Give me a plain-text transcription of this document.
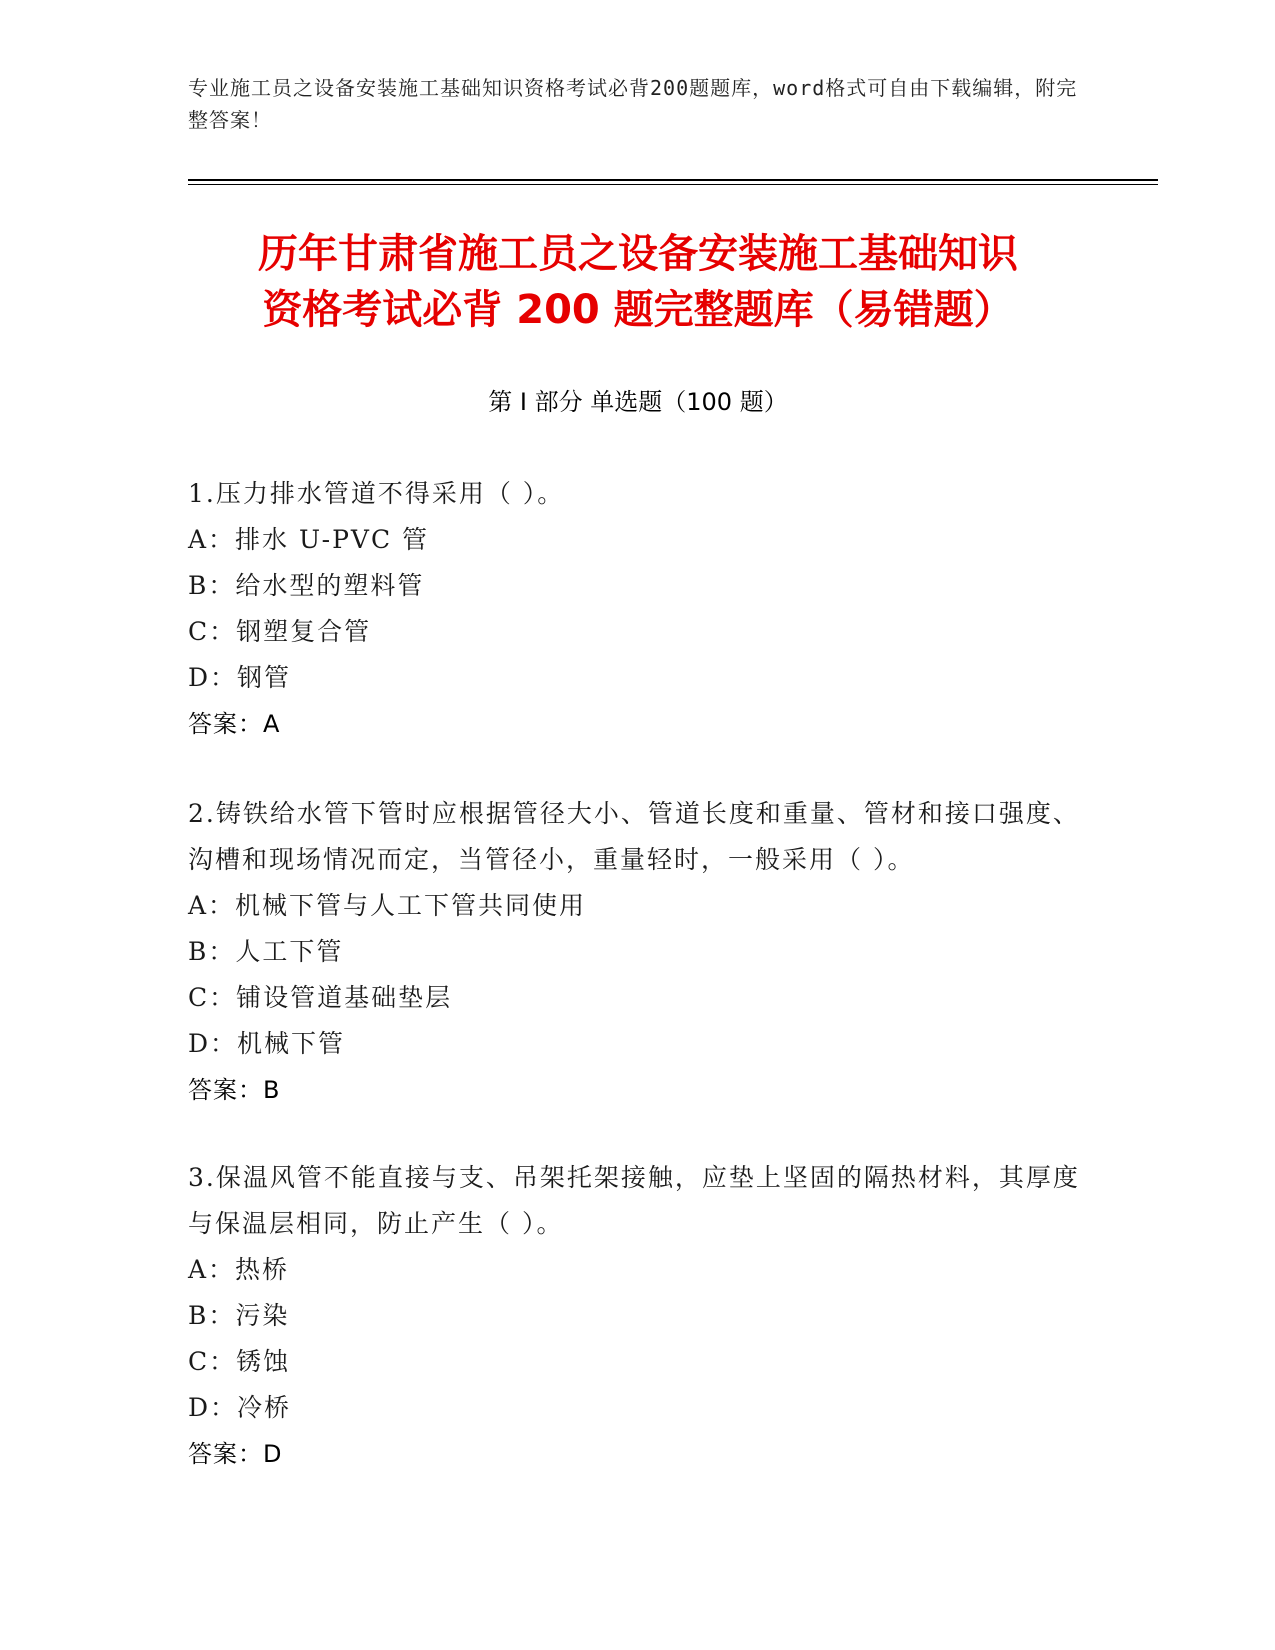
专业施工员之设备安装施工基础知识资格考试必背200题题库，word格式可自由下载编辑，附完整答案！
历年甘肃省施工员之设备安装施工基础知识
资格考试必背 200 题完整题库（易错题）
第 I 部分 单选题（100 题）

1.压力排水管道不得采用（ ）。

A：排水 U-PVC 管

B：给水型的塑料管

C：钢塑复合管

D：钢管

答案：A

2.铸铁给水管下管时应根据管径大小、管道长度和重量、管材和接口强度、沟槽和现场情况而定，当管径小，重量轻时，一般采用（ ）。

A：机械下管与人工下管共同使用

B：人工下管

C：铺设管道基础垫层

D：机械下管

答案：B

3.保温风管不能直接与支、吊架托架接触，应垫上坚固的隔热材料，其厚度与保温层相同，防止产生（ ）。

A：热桥

B：污染

C：锈蚀

D：冷桥

答案：D
